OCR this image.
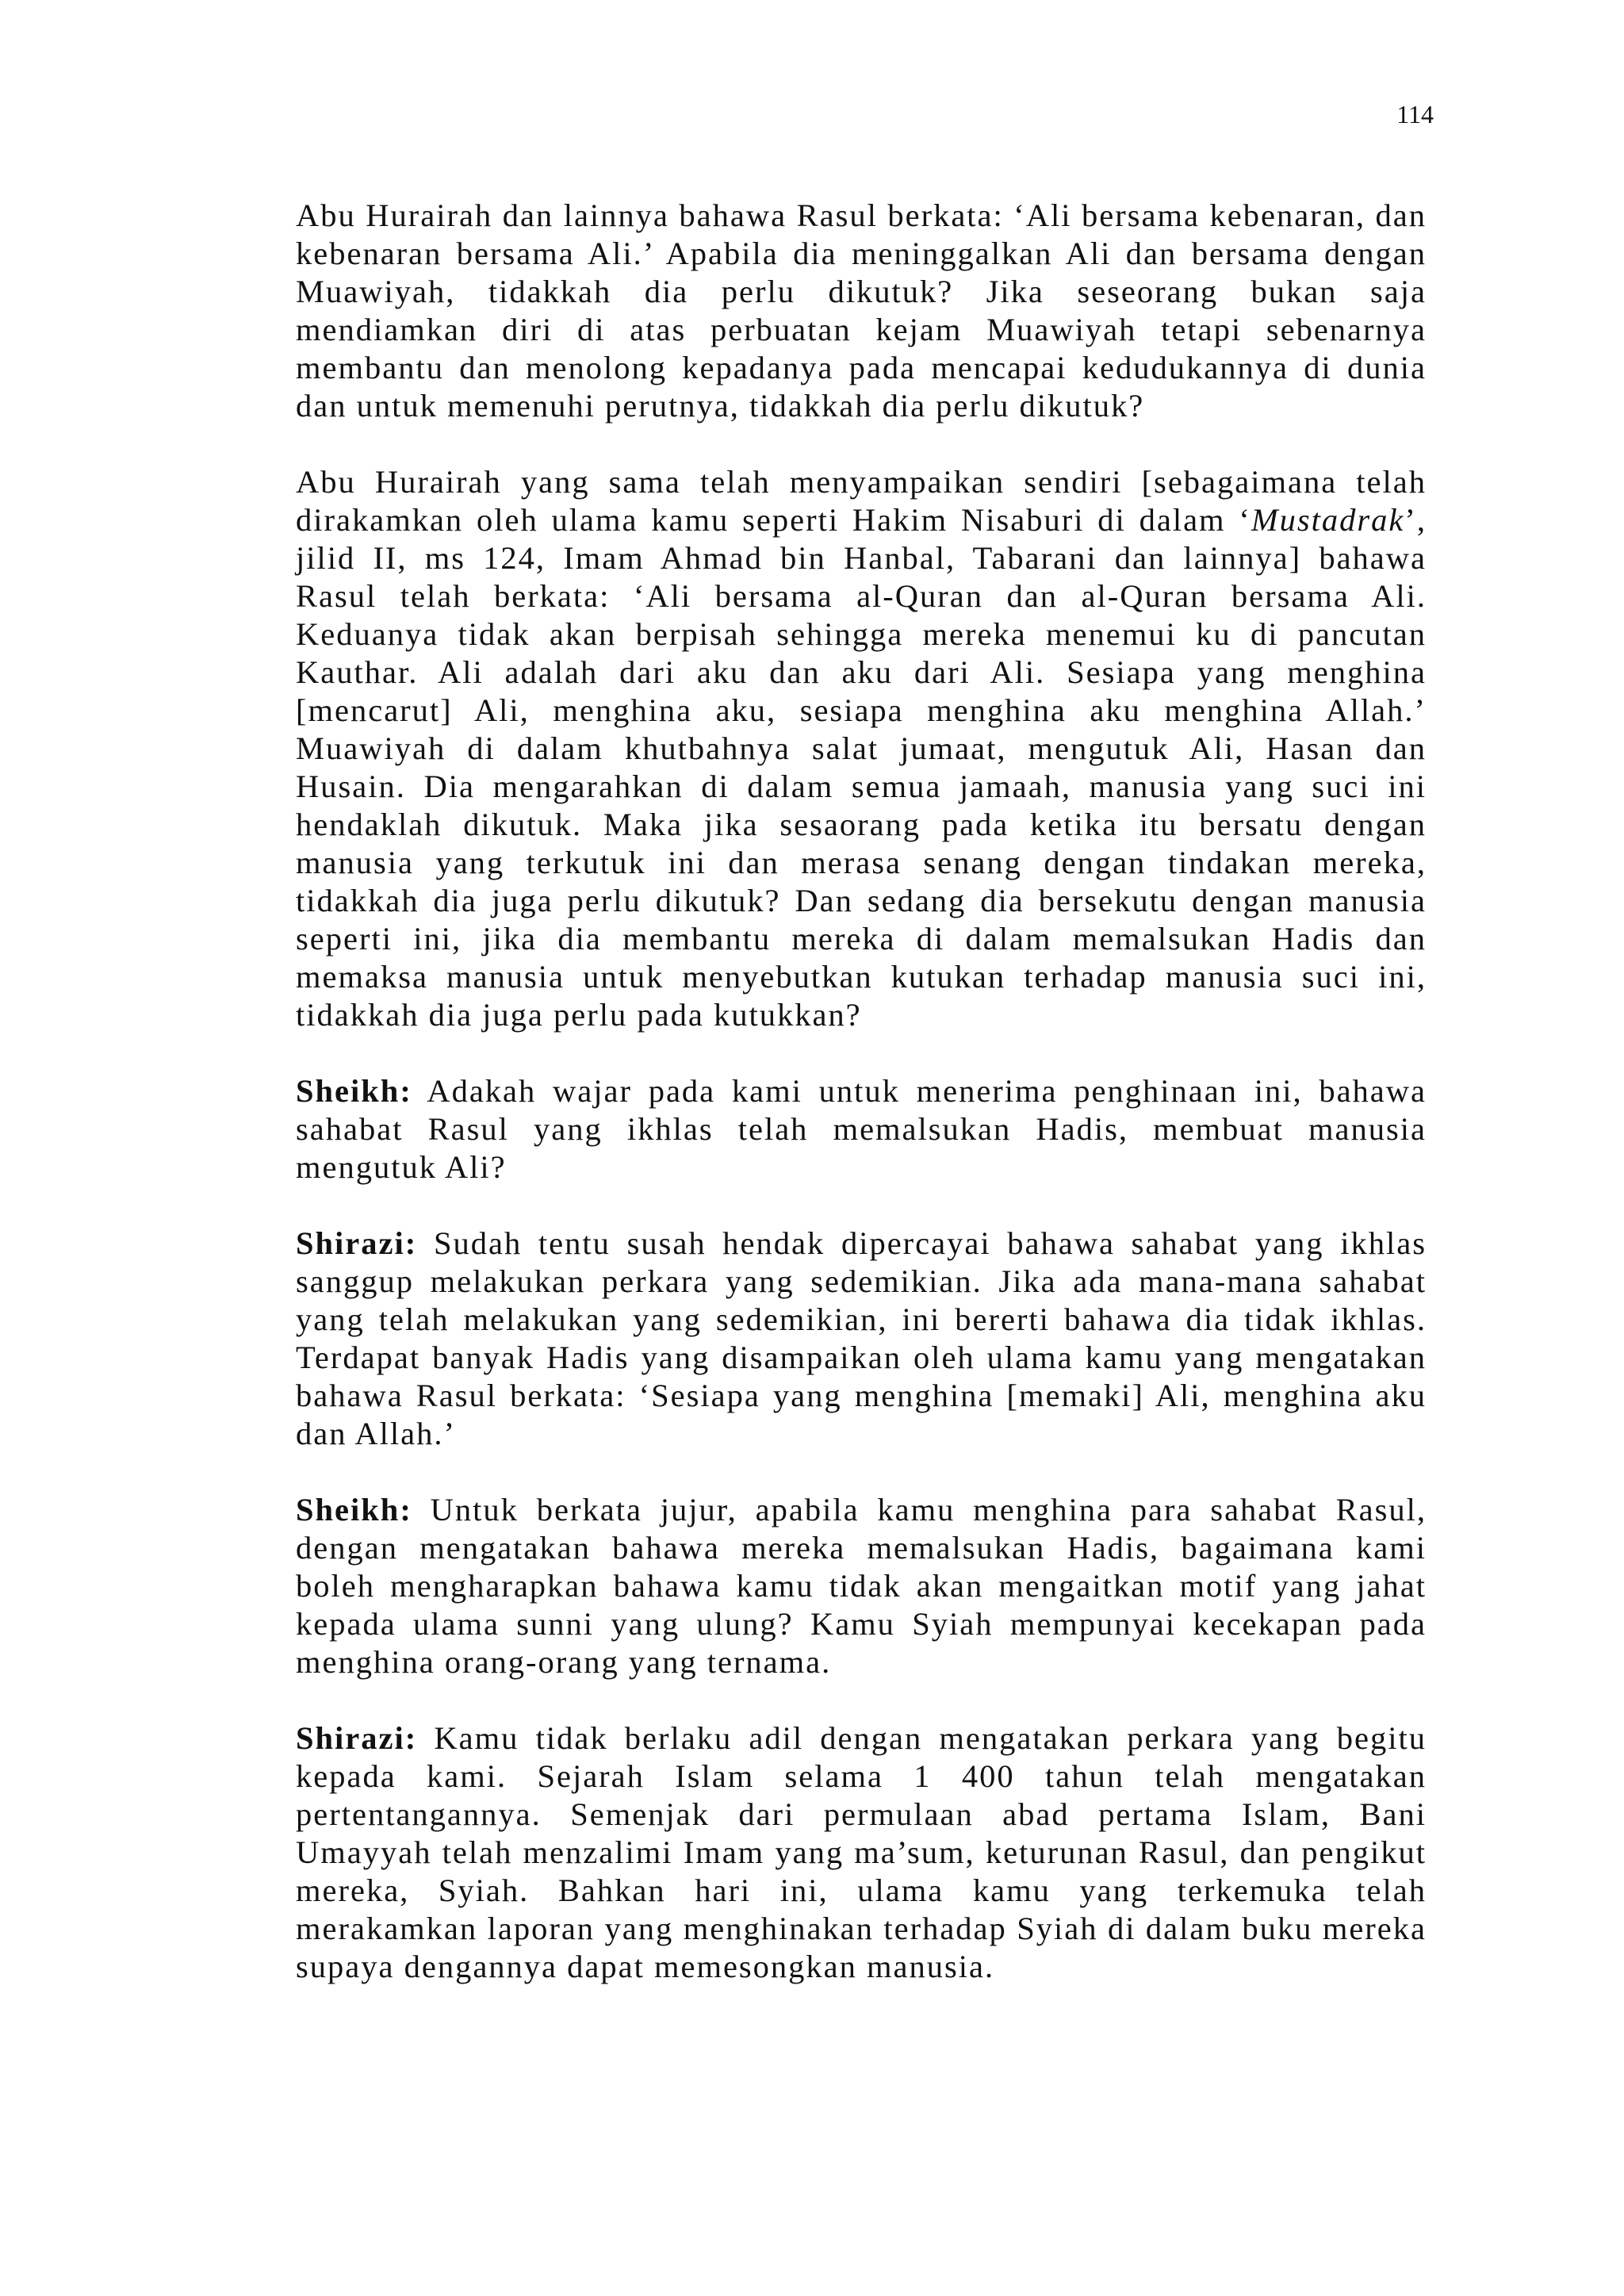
114

Abu Hurairah dan lainnya bahawa Rasul berkata: ‘Ali bersama kebenaran, dan kebenaran bersama Ali.’ Apabila dia meninggalkan Ali dan bersama dengan Muawiyah, tidakkah dia perlu dikutuk? Jika seseorang bukan saja mendiamkan diri di atas perbuatan kejam Muawiyah tetapi sebenarnya membantu dan menolong kepadanya pada mencapai kedudukannya di dunia dan untuk memenuhi perutnya, tidakkah dia perlu dikutuk?

Abu Hurairah yang sama telah menyampaikan sendiri [sebagaimana telah dirakamkan oleh ulama kamu seperti Hakim Nisaburi di dalam ‘Mustadrak’, jilid II, ms 124, Imam Ahmad bin Hanbal, Tabarani dan lainnya] bahawa Rasul telah berkata: ‘Ali bersama al-Quran dan al-Quran bersama Ali. Keduanya tidak akan berpisah sehingga mereka menemui ku di pancutan Kauthar. Ali adalah dari aku dan aku dari Ali. Sesiapa yang menghina [mencarut] Ali, menghina aku, sesiapa menghina aku menghina Allah.’ Muawiyah di dalam khutbahnya salat jumaat, mengutuk Ali, Hasan dan Husain. Dia mengarahkan di dalam semua jamaah, manusia yang suci ini hendaklah dikutuk. Maka jika sesaorang pada ketika itu bersatu dengan manusia yang terkutuk ini dan merasa senang dengan tindakan mereka, tidakkah dia juga perlu dikutuk? Dan sedang dia bersekutu dengan manusia seperti ini, jika dia membantu mereka di dalam memalsukan Hadis dan memaksa manusia untuk menyebutkan kutukan terhadap manusia suci ini, tidakkah dia juga perlu pada kutukkan?

Sheikh: Adakah wajar pada kami untuk menerima penghinaan ini, bahawa sahabat Rasul yang ikhlas telah memalsukan Hadis, membuat manusia mengutuk Ali?

Shirazi: Sudah tentu susah hendak dipercayai bahawa sahabat yang ikhlas sanggup melakukan perkara yang sedemikian. Jika ada mana-mana sahabat yang telah melakukan yang sedemikian, ini bererti bahawa dia tidak ikhlas. Terdapat banyak Hadis yang disampaikan oleh ulama kamu yang mengatakan bahawa Rasul berkata: ‘Sesiapa yang menghina [memaki] Ali, menghina aku dan Allah.’

Sheikh: Untuk berkata jujur, apabila kamu menghina para sahabat Rasul, dengan mengatakan bahawa mereka memalsukan Hadis, bagaimana kami boleh mengharapkan bahawa kamu tidak akan mengaitkan motif yang jahat kepada ulama sunni yang ulung? Kamu Syiah mempunyai kecekapan pada menghina orang-orang yang ternama.

Shirazi: Kamu tidak berlaku adil dengan mengatakan perkara yang begitu kepada kami. Sejarah Islam selama 1 400 tahun telah mengatakan pertentangannya. Semenjak dari permulaan abad pertama Islam, Bani Umayyah telah menzalimi Imam yang ma’sum, keturunan Rasul, dan pengikut mereka, Syiah. Bahkan hari ini, ulama kamu yang terkemuka telah merakamkan laporan yang menghinakan terhadap Syiah di dalam buku mereka supaya dengannya dapat memesongkan manusia.
